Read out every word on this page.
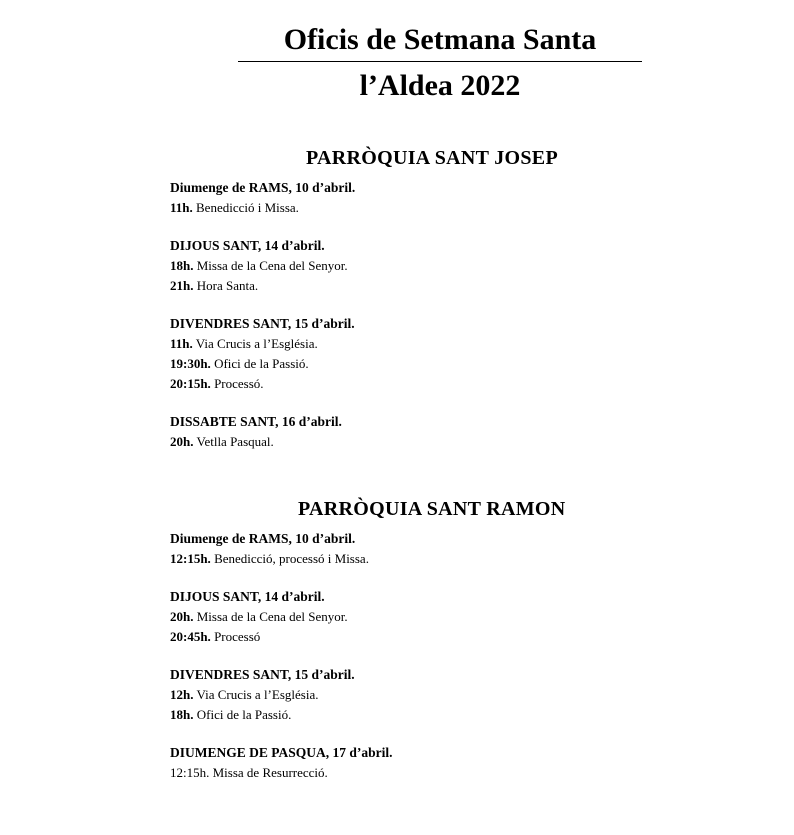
Oficis de Setmana Santa
l’Aldea 2022
PARRÒQUIA SANT JOSEP

Diumenge de RAMS, 10 d’abril.

11h. Benedicció i Missa.

DIJOUS SANT, 14 d’abril.

18h. Missa de la Cena del Senyor.

21h. Hora Santa.

DIVENDRES SANT, 15 d’abril.

11h. Via Crucis a l’Església.

19:30h. Ofici de la Passió.

20:15h. Processó.

DISSABTE SANT, 16 d’abril.

20h. Vetlla Pasqual.

PARRÒQUIA SANT RAMON

Diumenge de RAMS, 10 d’abril.

12:15h. Benedicció, processó i Missa.

DIJOUS SANT, 14 d’abril.

20h. Missa de la Cena del Senyor.

20:45h. Processó

DIVENDRES SANT, 15 d’abril.

12h. Via Crucis a l’Església.

18h. Ofici de la Passió.

DIUMENGE DE PASQUA, 17 d’abril.

12:15h. Missa de Resurrecció.
